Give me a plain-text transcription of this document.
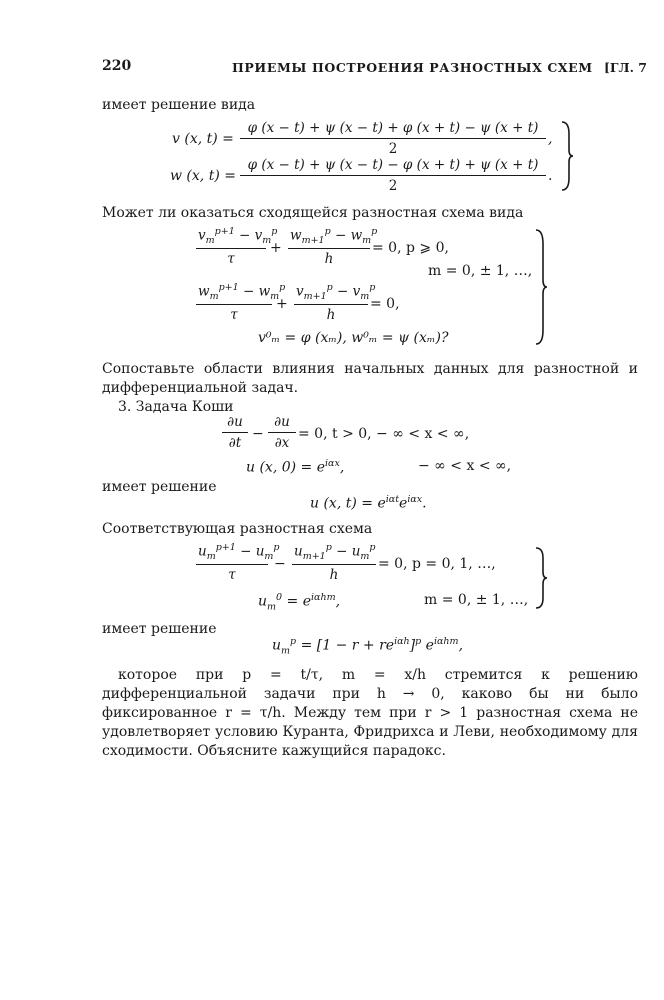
220	ПРИЕМЫ ПОСТРОЕНИЯ РАЗНОСТНЫХ СХЕМ [ГЛ. 7
имеет решение вида
v (x, $t) = \frac{\varphi (x - t) + \psi (x - t) + \varphi (x + t) - \psi (x + t)}{2}$ ,
w (x, $t) = \frac{\varphi (x - t) + \psi (x - t) - \varphi (x + t) + \psi (x + t)}{2}$ .
Может ли оказаться сходящейся разностная схема вида
$v_m^{p+1} - v_m^p$
τ
+
$w_{m+1}^p - w_m^p$
h
= 0, p ⩾ 0,
m = 0, ± 1, …,
$w_m^{p+1} - w_m^p$
τ
+
$v_{m+1}^p - v_m^p$
h
= 0,
v⁰ₘ = φ (xₘ), w⁰ₘ = ψ (xₘ)?
Сопоставьте области влияния начальных данных для разностной и дифференциальной задач.
3. Задача Коши
$\frac{\partial u}{\partial t} - \frac{\partial u}{\partial x} = 0$, t > 0, − ∞ < x < ∞,
u (x, $0) = e^{i\alpha x}$,	− ∞ < x < ∞,
имеет решение
u (x, $t) = e^{i\alpha t}e^{i\alpha x}$.
Соответствующая разностная схема
$u_m^{p+1} - u_m^p$
τ
−
$u_{m+1}^p - u_m^p$
h
= 0, p = 0, 1, …,
$u_m^0 = e^{i\alpha hm}$,	m = 0, ± 1, …,
имеет решение
$u_m^p = [1 - r + re^{i\alpha h}]^p$ $e^{i\alpha hm}$,
которое при p = t/τ, m = x/h стремится к решению дифференциальной задачи при h → 0, каково бы ни было фиксированное r = τ/h. Между тем при r > 1 разностная схема не удовлетворяет условию Куранта, Фридрихса и Леви, необходимому для сходимости. Объясните кажущийся парадокс.
